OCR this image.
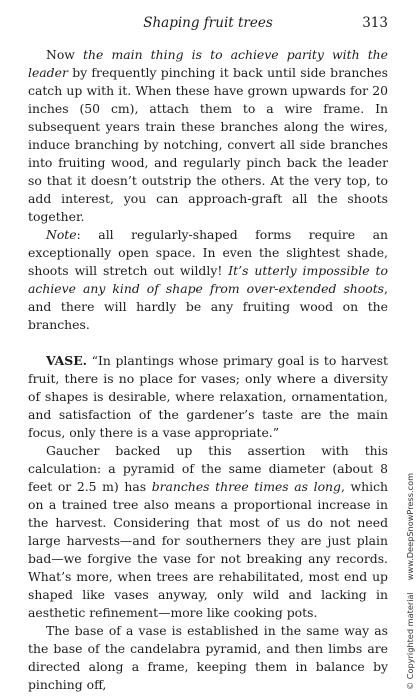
Shaping fruit trees	313

Now the main thing is to achieve parity with the leader by frequently pinching it back until side branches catch up with it. When these have grown upwards for 20 inches (50 cm), attach them to a wire frame. In subsequent years train these branches along the wires, induce branching by notching, convert all side branches into fruiting wood, and regularly pinch back the leader so that it doesn’t outstrip the others. At the very top, to add interest, you can approach-graft all the shoots together.

Note: all regularly-shaped forms require an exceptionally open space. In even the slightest shade, shoots will stretch out wildly! It’s utterly impossible to achieve any kind of shape from over-extended shoots, and there will hardly be any fruiting wood on the branches.

VASE. “In plantings whose primary goal is to harvest fruit, there is no place for vases; only where a diversity of shapes is desirable, where relaxation, ornamentation, and satisfaction of the gardener’s taste are the main focus, only there is a vase appropriate.”

Gaucher backed up this assertion with this calculation: a pyramid of the same diameter (about 8 feet or 2.5 m) has branches three times as long, which on a trained tree also means a proportional increase in the harvest. Considering that most of us do not need large harvests—and for southerners they are just plain bad—we forgive the vase for not breaking any records. What’s more, when trees are rehabilitated, most end up shaped like vases anyway, only wild and lacking in aesthetic refinement—more like cooking pots.

The base of a vase is established in the same way as the base of the candelabra pyramid, and then limbs are directed along a frame, keeping them in balance by pinching off,	© Copyrighted materialwww.DeepSnowPress.com
